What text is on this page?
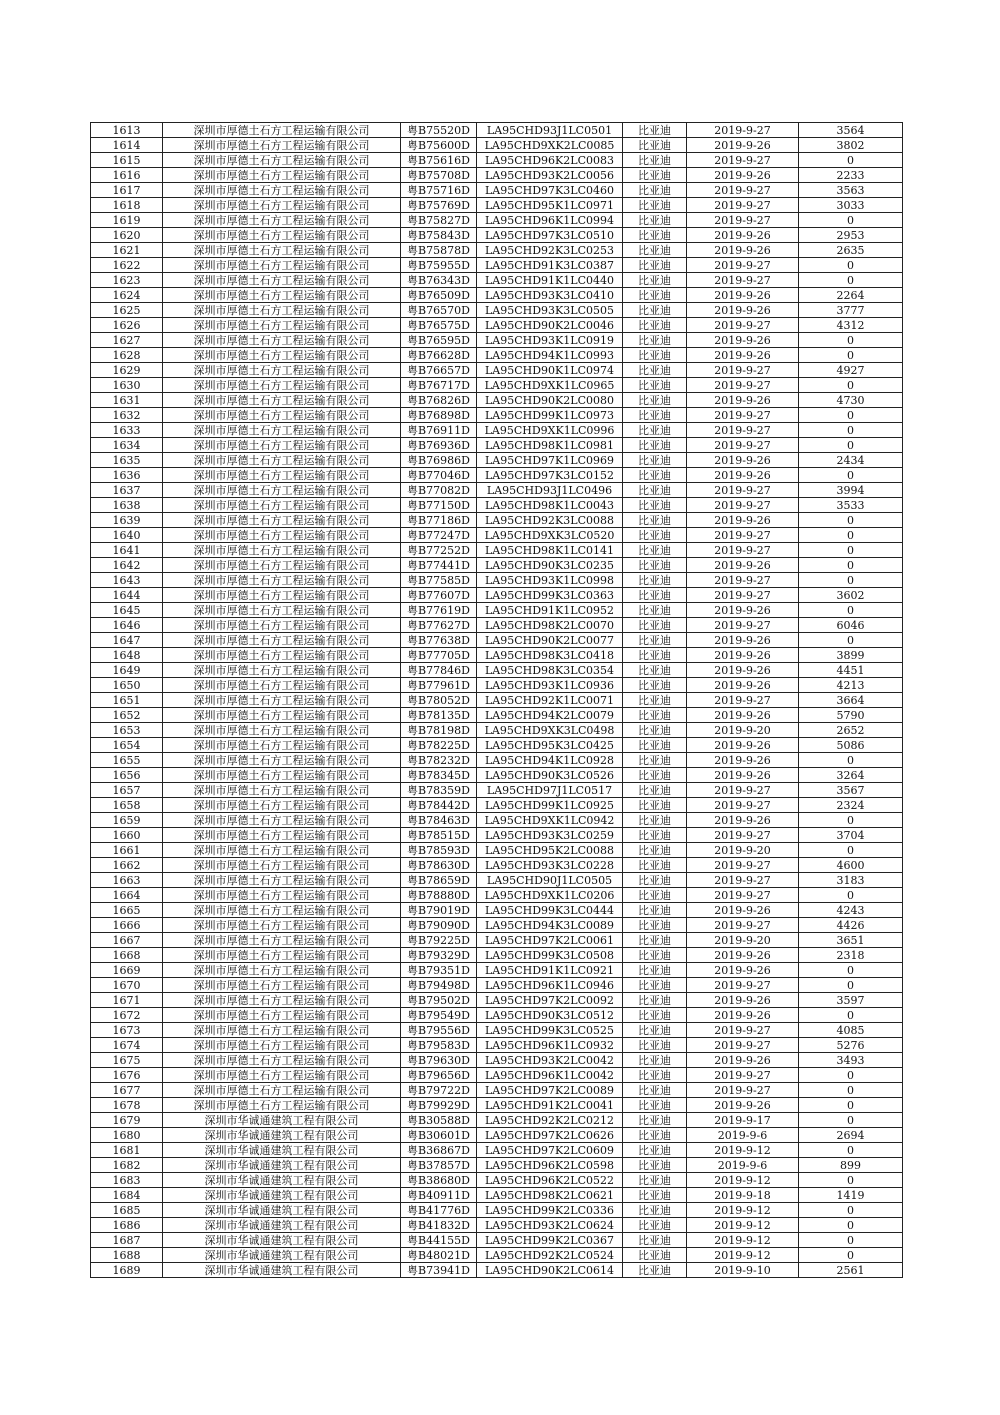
1613	深圳市厚德土石方工程运输有限公司	粤B75520D	LA95CHD93J1LC0501	比亚迪	2019-9-27	3564
1614	深圳市厚德土石方工程运输有限公司	粤B75600D	LA95CHD9XK2LC0085	比亚迪	2019-9-26	3802
1615	深圳市厚德土石方工程运输有限公司	粤B75616D	LA95CHD96K2LC0083	比亚迪	2019-9-27	0
1616	深圳市厚德土石方工程运输有限公司	粤B75708D	LA95CHD93K2LC0056	比亚迪	2019-9-26	2233
1617	深圳市厚德土石方工程运输有限公司	粤B75716D	LA95CHD97K3LC0460	比亚迪	2019-9-27	3563
1618	深圳市厚德土石方工程运输有限公司	粤B75769D	LA95CHD95K1LC0971	比亚迪	2019-9-27	3033
1619	深圳市厚德土石方工程运输有限公司	粤B75827D	LA95CHD96K1LC0994	比亚迪	2019-9-27	0
1620	深圳市厚德土石方工程运输有限公司	粤B75843D	LA95CHD97K3LC0510	比亚迪	2019-9-26	2953
1621	深圳市厚德土石方工程运输有限公司	粤B75878D	LA95CHD92K3LC0253	比亚迪	2019-9-26	2635
1622	深圳市厚德土石方工程运输有限公司	粤B75955D	LA95CHD91K3LC0387	比亚迪	2019-9-27	0
1623	深圳市厚德土石方工程运输有限公司	粤B76343D	LA95CHD91K1LC0440	比亚迪	2019-9-27	0
1624	深圳市厚德土石方工程运输有限公司	粤B76509D	LA95CHD93K3LC0410	比亚迪	2019-9-26	2264
1625	深圳市厚德土石方工程运输有限公司	粤B76570D	LA95CHD93K3LC0505	比亚迪	2019-9-26	3777
1626	深圳市厚德土石方工程运输有限公司	粤B76575D	LA95CHD90K2LC0046	比亚迪	2019-9-27	4312
1627	深圳市厚德土石方工程运输有限公司	粤B76595D	LA95CHD93K1LC0919	比亚迪	2019-9-26	0
1628	深圳市厚德土石方工程运输有限公司	粤B76628D	LA95CHD94K1LC0993	比亚迪	2019-9-26	0
1629	深圳市厚德土石方工程运输有限公司	粤B76657D	LA95CHD90K1LC0974	比亚迪	2019-9-27	4927
1630	深圳市厚德土石方工程运输有限公司	粤B76717D	LA95CHD9XK1LC0965	比亚迪	2019-9-27	0
1631	深圳市厚德土石方工程运输有限公司	粤B76826D	LA95CHD90K2LC0080	比亚迪	2019-9-26	4730
1632	深圳市厚德土石方工程运输有限公司	粤B76898D	LA95CHD99K1LC0973	比亚迪	2019-9-27	0
1633	深圳市厚德土石方工程运输有限公司	粤B76911D	LA95CHD9XK1LC0996	比亚迪	2019-9-27	0
1634	深圳市厚德土石方工程运输有限公司	粤B76936D	LA95CHD98K1LC0981	比亚迪	2019-9-27	0
1635	深圳市厚德土石方工程运输有限公司	粤B76986D	LA95CHD97K1LC0969	比亚迪	2019-9-26	2434
1636	深圳市厚德土石方工程运输有限公司	粤B77046D	LA95CHD97K3LC0152	比亚迪	2019-9-26	0
1637	深圳市厚德土石方工程运输有限公司	粤B77082D	LA95CHD93J1LC0496	比亚迪	2019-9-27	3994
1638	深圳市厚德土石方工程运输有限公司	粤B77150D	LA95CHD98K1LC0043	比亚迪	2019-9-27	3533
1639	深圳市厚德土石方工程运输有限公司	粤B77186D	LA95CHD92K3LC0088	比亚迪	2019-9-26	0
1640	深圳市厚德土石方工程运输有限公司	粤B77247D	LA95CHD9XK3LC0520	比亚迪	2019-9-27	0
1641	深圳市厚德土石方工程运输有限公司	粤B77252D	LA95CHD98K1LC0141	比亚迪	2019-9-27	0
1642	深圳市厚德土石方工程运输有限公司	粤B77441D	LA95CHD90K3LC0235	比亚迪	2019-9-26	0
1643	深圳市厚德土石方工程运输有限公司	粤B77585D	LA95CHD93K1LC0998	比亚迪	2019-9-27	0
1644	深圳市厚德土石方工程运输有限公司	粤B77607D	LA95CHD99K3LC0363	比亚迪	2019-9-27	3602
1645	深圳市厚德土石方工程运输有限公司	粤B77619D	LA95CHD91K1LC0952	比亚迪	2019-9-26	0
1646	深圳市厚德土石方工程运输有限公司	粤B77627D	LA95CHD98K2LC0070	比亚迪	2019-9-27	6046
1647	深圳市厚德土石方工程运输有限公司	粤B77638D	LA95CHD90K2LC0077	比亚迪	2019-9-26	0
1648	深圳市厚德土石方工程运输有限公司	粤B77705D	LA95CHD98K3LC0418	比亚迪	2019-9-26	3899
1649	深圳市厚德土石方工程运输有限公司	粤B77846D	LA95CHD98K3LC0354	比亚迪	2019-9-26	4451
1650	深圳市厚德土石方工程运输有限公司	粤B77961D	LA95CHD93K1LC0936	比亚迪	2019-9-26	4213
1651	深圳市厚德土石方工程运输有限公司	粤B78052D	LA95CHD92K1LC0071	比亚迪	2019-9-27	3664
1652	深圳市厚德土石方工程运输有限公司	粤B78135D	LA95CHD94K2LC0079	比亚迪	2019-9-26	5790
1653	深圳市厚德土石方工程运输有限公司	粤B78198D	LA95CHD9XK3LC0498	比亚迪	2019-9-20	2652
1654	深圳市厚德土石方工程运输有限公司	粤B78225D	LA95CHD95K3LC0425	比亚迪	2019-9-26	5086
1655	深圳市厚德土石方工程运输有限公司	粤B78232D	LA95CHD94K1LC0928	比亚迪	2019-9-26	0
1656	深圳市厚德土石方工程运输有限公司	粤B78345D	LA95CHD90K3LC0526	比亚迪	2019-9-26	3264
1657	深圳市厚德土石方工程运输有限公司	粤B78359D	LA95CHD97J1LC0517	比亚迪	2019-9-27	3567
1658	深圳市厚德土石方工程运输有限公司	粤B78442D	LA95CHD99K1LC0925	比亚迪	2019-9-27	2324
1659	深圳市厚德土石方工程运输有限公司	粤B78463D	LA95CHD9XK1LC0942	比亚迪	2019-9-26	0
1660	深圳市厚德土石方工程运输有限公司	粤B78515D	LA95CHD93K3LC0259	比亚迪	2019-9-27	3704
1661	深圳市厚德土石方工程运输有限公司	粤B78593D	LA95CHD95K2LC0088	比亚迪	2019-9-20	0
1662	深圳市厚德土石方工程运输有限公司	粤B78630D	LA95CHD93K3LC0228	比亚迪	2019-9-27	4600
1663	深圳市厚德土石方工程运输有限公司	粤B78659D	LA95CHD90J1LC0505	比亚迪	2019-9-27	3183
1664	深圳市厚德土石方工程运输有限公司	粤B78880D	LA95CHD9XK1LC0206	比亚迪	2019-9-27	0
1665	深圳市厚德土石方工程运输有限公司	粤B79019D	LA95CHD99K3LC0444	比亚迪	2019-9-26	4243
1666	深圳市厚德土石方工程运输有限公司	粤B79090D	LA95CHD94K3LC0089	比亚迪	2019-9-27	4426
1667	深圳市厚德土石方工程运输有限公司	粤B79225D	LA95CHD97K2LC0061	比亚迪	2019-9-20	3651
1668	深圳市厚德土石方工程运输有限公司	粤B79329D	LA95CHD99K3LC0508	比亚迪	2019-9-26	2318
1669	深圳市厚德土石方工程运输有限公司	粤B79351D	LA95CHD91K1LC0921	比亚迪	2019-9-26	0
1670	深圳市厚德土石方工程运输有限公司	粤B79498D	LA95CHD96K1LC0946	比亚迪	2019-9-27	0
1671	深圳市厚德土石方工程运输有限公司	粤B79502D	LA95CHD97K2LC0092	比亚迪	2019-9-26	3597
1672	深圳市厚德土石方工程运输有限公司	粤B79549D	LA95CHD90K3LC0512	比亚迪	2019-9-26	0
1673	深圳市厚德土石方工程运输有限公司	粤B79556D	LA95CHD99K3LC0525	比亚迪	2019-9-27	4085
1674	深圳市厚德土石方工程运输有限公司	粤B79583D	LA95CHD96K1LC0932	比亚迪	2019-9-27	5276
1675	深圳市厚德土石方工程运输有限公司	粤B79630D	LA95CHD93K2LC0042	比亚迪	2019-9-26	3493
1676	深圳市厚德土石方工程运输有限公司	粤B79656D	LA95CHD96K1LC0042	比亚迪	2019-9-27	0
1677	深圳市厚德土石方工程运输有限公司	粤B79722D	LA95CHD97K2LC0089	比亚迪	2019-9-27	0
1678	深圳市厚德土石方工程运输有限公司	粤B79929D	LA95CHD91K2LC0041	比亚迪	2019-9-26	0
1679	深圳市华诚通建筑工程有限公司	粤B30588D	LA95CHD92K2LC0212	比亚迪	2019-9-17	0
1680	深圳市华诚通建筑工程有限公司	粤B30601D	LA95CHD97K2LC0626	比亚迪	2019-9-6	2694
1681	深圳市华诚通建筑工程有限公司	粤B36867D	LA95CHD97K2LC0609	比亚迪	2019-9-12	0
1682	深圳市华诚通建筑工程有限公司	粤B37857D	LA95CHD96K2LC0598	比亚迪	2019-9-6	899
1683	深圳市华诚通建筑工程有限公司	粤B38680D	LA95CHD96K2LC0522	比亚迪	2019-9-12	0
1684	深圳市华诚通建筑工程有限公司	粤B40911D	LA95CHD98K2LC0621	比亚迪	2019-9-18	1419
1685	深圳市华诚通建筑工程有限公司	粤B41776D	LA95CHD99K2LC0336	比亚迪	2019-9-12	0
1686	深圳市华诚通建筑工程有限公司	粤B41832D	LA95CHD93K2LC0624	比亚迪	2019-9-12	0
1687	深圳市华诚通建筑工程有限公司	粤B44155D	LA95CHD99K2LC0367	比亚迪	2019-9-12	0
1688	深圳市华诚通建筑工程有限公司	粤B48021D	LA95CHD92K2LC0524	比亚迪	2019-9-12	0
1689	深圳市华诚通建筑工程有限公司	粤B73941D	LA95CHD90K2LC0614	比亚迪	2019-9-10	2561
